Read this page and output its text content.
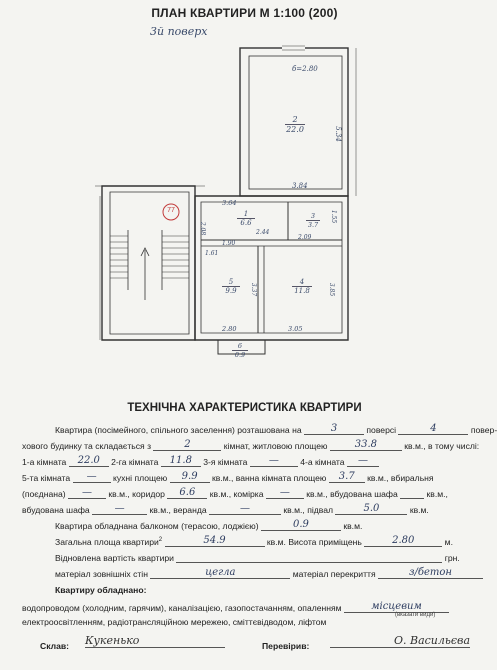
ПЛАН КВАРТИРИ М 1:100 (200)
3й поверх
б=2.80
5.34
3.84
3.64
1.90
2.44
2.08
1.55
2.09
3.37	3.85
2.80	3.05
1.61
2
22.0
1
6.6
3
3.7
5
9.9
4
11.8
6
0.9
77
ТЕХНІЧНА ХАРАКТЕРИСТИКА КВАРТИРИ
Квартира (посімейного, спільного заселення) розташована на	3	поверсі	4	повер-
хового будинку та складається з	2	кімнат, житловою площею	33.8	кв.м., в тому числі:
1-а кімната 22.0 2-га кімната 11.8 3-я кімната — 4-а кімната —
5-та кімната — кухні площею 9.9 кв.м., ванна кімната площею 3.7 кв.м., вбиральня
(поєднана) — кв.м., коридор 6.6 кв.м., комірка — кв.м., вбудована шафа	кв.м.,
вбудована шафа —	кв.м., веранда	—	кв.м., підвал	5.0	кв.м.
Квартира обладнана балконом (терасою, лоджією)	0.9	кв.м.
Загальна площа квартири$^2$	54.9	кв.м. Висота приміщень	2.80	м.
Відновлена вартість квартири	грн.
матеріал зовнішніх стін	цегла	матеріал перекриття	з/бетон
Квартиру обладнано:
водопроводом (холодним, гарячим), каналізацією, газопостачанням, опаленням	місцевим
(вказати види)
електроосвітленням, радіотрансляційною мережею, сміттєвідводом, ліфтом
Склав: Кукенько	Перевірив:	О. Васильєва
